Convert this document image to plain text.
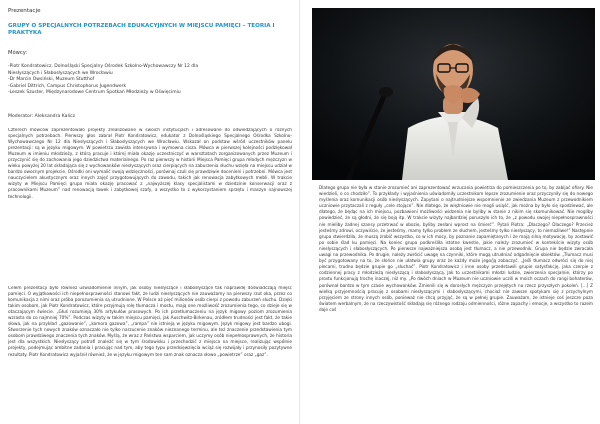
Prezentacje
GRUPY O SPECJALNYCH POTRZEBACH EDUKACYJNYCH W MIEJSCU PAMIĘCI – TEORIA I PRAKTYKA
Mówcy:
-Piotr Kondratowicz, Dolnośląski Specjalny Ośrodek Szkolno-Wychowawczy Nr 12 dla
Niesłyszących i Słabosłyszących we Wrocławiu
-Dr Marcin Owsiński, Muzeum Stutthof
-Gabriel Dittrich, Campus Christophorus Jugendwerk
-Leszek Szuster, Międzynarodowe Centrum Spotkań Młodzieży w Oświęcimiu
Moderator: Aleksandra Kaliсz

Czterech mówców zaprezentowało projekty zrealizowane w swoich instytucjach i adresowane do odwiedzających o różnych specjalnych potrzebach. Pierwszy głos zabrał Piotr Kondratowicz, edukator z Dolnośląskiego Specjalnego Ośrodka Szkolno-Wychowawczego Nr 12 dla Niesłyszących i Słabosłyszących we Wrocławiu. Wskazał on podstaw wśród uczestników panelu prezentacji: są w języku migowym. W powietrzu zawisła intensywna i wymowna cisza. Mówca w pierwszej kolejności podziękował Muzeum w imieniu młodzieży, z którą pracuje i której miała okazję uczestniczyć w warsztatach zorganizowanych przez Muzeum i przyczynić się do zachowania jego dziedzictwa materialnego. Po raz pierwszy w historii Miejsca Pamięci grupa młodych mężczyzn w wieku powyżej 20 lat składająca się z wychowanków niesłyszących oraz cierpiących na zaburzenia słuchu wzięła na miejscu udział w bardzo owocnym projekcie. Ośrodki oni wymalić swoją wdzięczności, porównaj czuli się prawdziwie docenieni i potrzebni. Mówca jest nauczycielem akustycznym oraz innych zajęć przygotowujących do zawodu, takich jak renowacja zabytkowych mebli. W trakcie wizyty w Miejscu Pamięci grupa miała okazję pracować z „najwyższej klasy specjalistami w dziedzinie konserwacji oraz z pracownikami Muzeum” nad renowacją ławek i zabytkowej szafy, a wszystko to z wykorzystaniem sprzętu i maszyn najnowszej technologii.

Celem prezentacji było również uświadomienie innym, jak osoby niesłyszące i słabosłyszące tak naprawdę doświadczają miejsc pamięci. O wyjątkowości ich niepełnosprawności stanowi fakt, że ludzi niesłyszących nie zauważamy na pierwszy rzut oka, przez co komunikacja z nimi oraz próba porozumienia są utrudnione. W Polsce aż pięć milionów osób cierpi z powodu zaburzeń słuchu. Dzięki takim osobom, jak Piotr Kondratowicz, które przyjmują rolę tłumacza i mostu, mają one możliwość zrozumienia tego, co dzieje się w otaczającym świecie. „Głuś rozumieją 30% artykułów prasowych. Po ich przetłumaczeniu na język migowy poziom zrozumienia wzrasta do co najmniej 70%”. Podczas wizyty w takim miejscu pamięci, jak Auschwitz-Birkenau, zródłem trudności jest fakt, że takie słowa, jak na przykład „gazowanie”, „komora gazowa”, „rampa” nie istnieją w języku migowym. Język migowy jest bardzo ubogi. Stworzenie tych nowych znaków oznaczało nie tylko narzucenie znaków nieznanego terminu, ale też znaczenie przedstawienia tym osobom prawdziwego znaczenia tych znaków. Myślą, że wraz z Państwa wsparciem, jak uczymy osób niepełnosprawnych, że historia jest dla wszystkich. Niesłyszący potrafi znaleźć się w tym środowisku i przechodzić z miejsca na miejsce, realizując wspólnie projekty, podejmując ambitne zadania i pracując nad tym, aby tego typu przedsięwzięcia wciąż się rozwijały i przynosiły pozytywne rezultaty. Piotr Kondratowicz wyjaśnił również, że w języku migowym ten sam znak oznacza słowo „powietrze” oraz „gaz”.

Dlatego grupa nie była w stanie zrozumieć ani zaprezentować wrzucania powietrza do pomieszczenia po to, by zabijać ofiary. Nie wiedzieli, o co chodziło”. To przykłady i wyjaśnienia uświadomiły uczestnikom lepsze zrozumienie oraz przyczyniły się do nowego myślenia oraz komunikacji osób niesłyszących. Zapytani o najtrudniejsze wspomnienie ze zwiedzania Muzeum z przewodnikiem uczniowie przytaczali z reguły „cele stojące”. Nie dlatego, że więźniowie nie mogli usiąść, jak można by było się spodziewać, ale dlatego, że będąc na ich miejscu, pozbawieni możliwości widzenia nie byliby w stanie z nikim się skomunikować. Nie mogliby powiedzieć, że są głodni, że się boją itp. W trakcie wizyty najbardziej poruszyło ich to, że „z powodu swojej niepełnosprawności nie mieliby żadnej szansy przetrwać w obozie, byliby zesłani wprost na śmierć”. Pytali Piotra: „Dlaczego? Dlaczego? Przecież jesteśmy zdrowi, oczywiście, że jesteśmy, mamy tylko problem ze słuchem, jesteśmy tylko niesłyszący, to niemożliwe!” Następnie grupa stwierdziła, że muszą zrobić wszystko, co w ich mocy, by poznanie zapamiętanych i że mają silną motywację, by zostawić po sobie ślad ku pamięci. Na koniec grupa podkreśliła istotne kwestie, jakie należy zrozumieć w kontekście wizyty osób niesłyszących i słabosłyszących. Po pierwsze najważniejsza osobą jest tłumacz, a nie przewodnik. Grupa nie będzie zwracała uwagi na przewodnika. Po drugie, należy zwrócić uwagę na czynniki, które mogą utrudniać odgadnięcie obiektów. „Tłumacz musi być przygotowany na to, że słońce nie ułatwia grupy oraz że każdy może jego/ją zobaczyć. „Jeśli tłumacz odwróci się do niej plecami, trudno będzie grupie go „słuchać”. Piotr Kondratowicz i inne osoby przedstawili grupie satysfakcję, jaka czerpie z codziennej pracy z młodzieżą niesłyszącą i słabosłyszącą. Jak to uczestnikami młodzi ludzie, zwierzenia specjalnie, którzy po prostu funkcjonują trochę inaczej, niż my. „Po dwóch dniach w Muzeum nie uczniowie uczili w moich oczach do rangi bohaterów, porównał bardzo w tym czasie wychowanków. Zmienili się w dorosłych mężczyzn przejętych na rzecz przyszłych pokoleń. […] Z wielką przyjemnością pracuję z osobami niesłyszącymi i słabosłyszącymi, chociaż nie zawsze spotykam się z przychylnym przyjęciem ze strony innych osób, ponieważ nie chcą przyjąć, że są w pełnej grupie. Zauważam, że istnieje coś jeszcze poza światem werbalnym, że na rzeczywistość składają się różnego rodzaju odmienności, różne zapachy i emocje, a wszystko to razem daje coś
